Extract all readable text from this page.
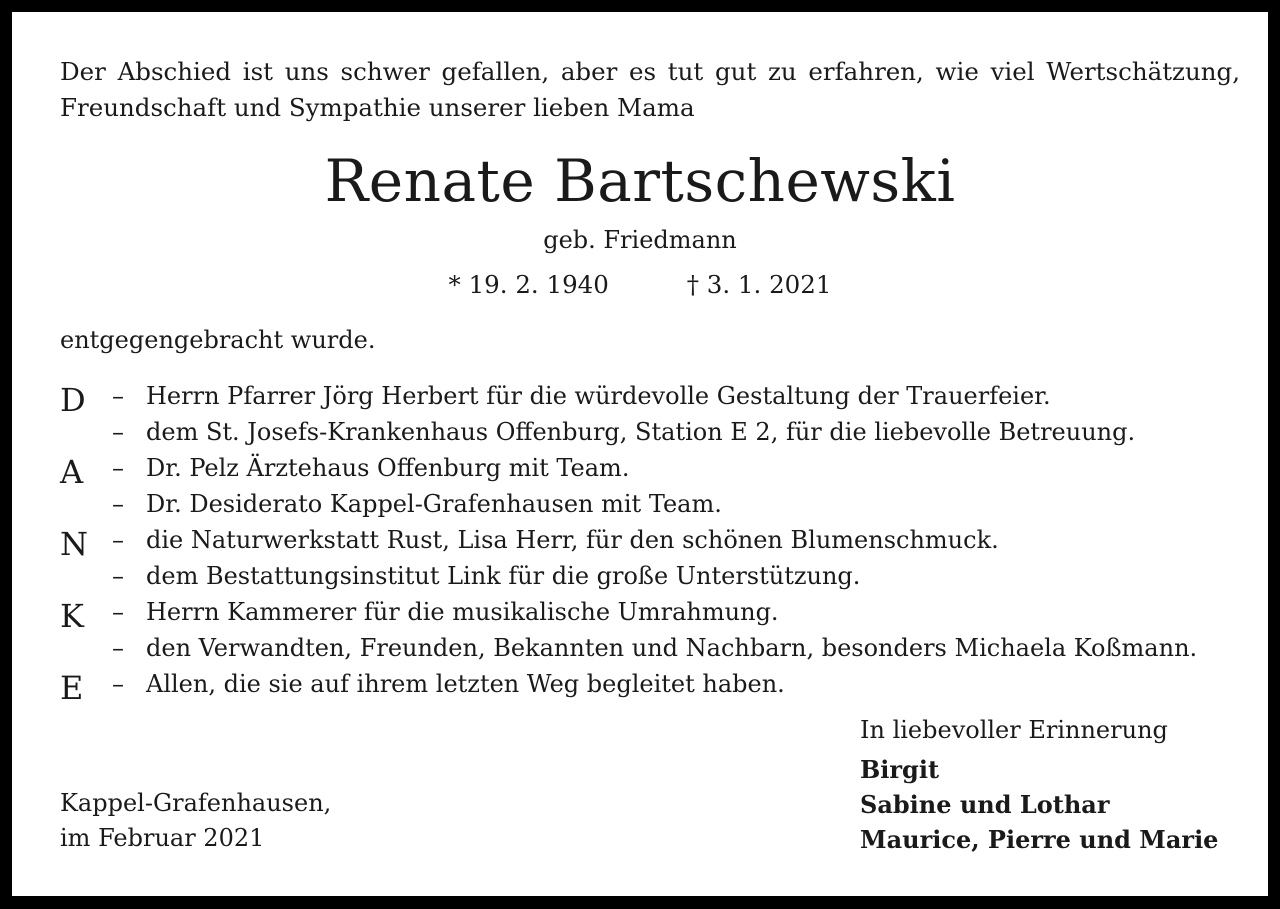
Der Abschied ist uns schwer gefallen, aber es tut gut zu erfahren, wie viel Wertschätzung,
Freundschaft und Sympathie unserer lieben Mama
Renate Bartschewski
geb. Friedmann
* 19. 2. 1940	† 3. 1. 2021
entgegengebracht wurde.
D	– Herrn Pfarrer Jörg Herbert für die würdevolle Gestaltung der Trauerfeier.
– dem St. Josefs-Krankenhaus Offenburg, Station E 2, für die liebevolle Betreuung.
A	– Dr. Pelz Ärztehaus Offenburg mit Team.
– Dr. Desiderato Kappel-Grafenhausen mit Team.
N	– die Naturwerkstatt Rust, Lisa Herr, für den schönen Blumenschmuck.
– dem Bestattungsinstitut Link für die große Unterstützung.
K	– Herrn Kammerer für die musikalische Umrahmung.
– den Verwandten, Freunden, Bekannten und Nachbarn, besonders Michaela Koßmann.
E	– Allen, die sie auf ihrem letzten Weg begleitet haben.
In liebevoller Erinnerung
Birgit
Sabine und Lothar
Maurice, Pierre und Marie
Kappel-Grafenhausen,
im Februar 2021
